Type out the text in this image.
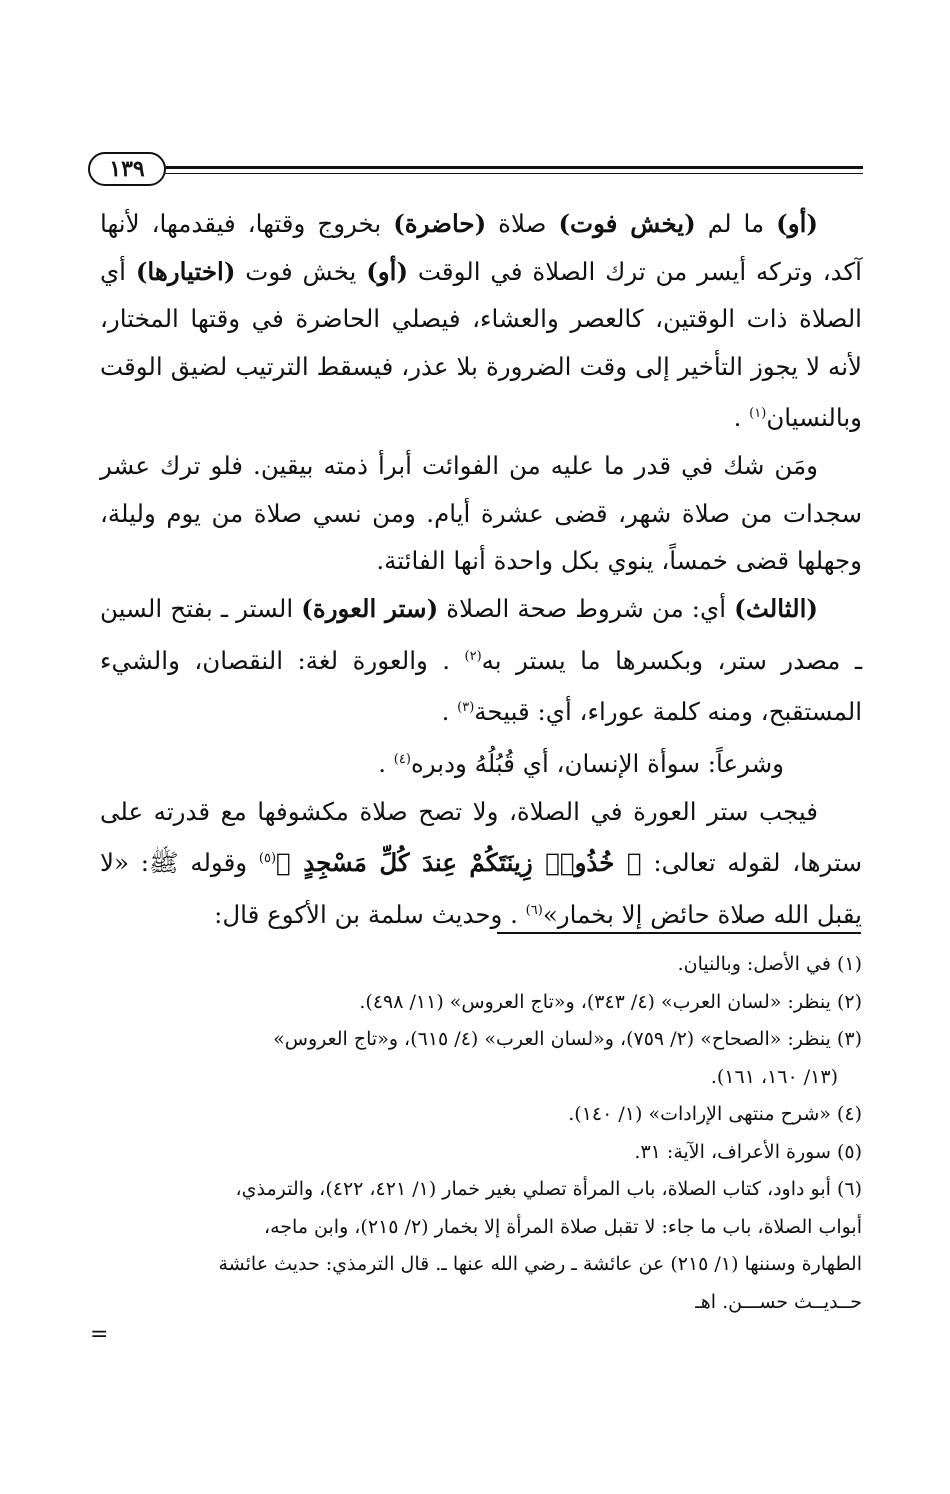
١٣٩

(أو) ما لم (يخش فوت) صلاة (حاضرة) بخروج وقتها، فيقدمها، لأنها آكد، وتركه أيسر من ترك الصلاة في الوقت (أو) يخش فوت (اختيارها) أي الصلاة ذات الوقتين، كالعصر والعشاء، فيصلي الحاضرة في وقتها المختار، لأنه لا يجوز التأخير إلى وقت الضرورة بلا عذر، فيسقط الترتيب لضيق الوقت وبالنسيان$^{(١)}$ .

ومَن شك في قدر ما عليه من الفوائت أبرأ ذمته بيقين. فلو ترك عشر سجدات من صلاة شهر، قضى عشرة أيام. ومن نسي صلاة من يوم وليلة، وجهلها قضى خمساً، ينوي بكل واحدة أنها الفائتة.

(الثالث) أي: من شروط صحة الصلاة (ستر العورة) الستر ـ بفتح السين ـ مصدر ستر، وبكسرها ما يستر به$^{(٢)}$ . والعورة لغة: النقصان، والشيء المستقبح، ومنه كلمة عوراء، أي: قبيحة$^{(٣)}$ .

وشرعاً: سوأة الإنسان، أي قُبُلُهُ ودبره$^{(٤)}$ .

فيجب ستر العورة في الصلاة، ولا تصح صلاة مكشوفها مع قدرته على سترها، لقوله تعالى: ﴿ خُذُوا۟ زِينَتَكُمْ عِندَ كُلِّ مَسْجِدٍ ﴾$^{(٥)}$ وقوله ﷺ: «لا يقبل الله صلاة حائض إلا بخمار»$^{(٦)}$ . وحديث سلمة بن الأكوع قال:

(١) في الأصل: وبالنيان.

(٢) ينظر: «لسان العرب» (٤/ ٣٤٣)، و«تاج العروس» (١١/ ٤٩٨).

(٣) ينظر: «الصحاح» (٢/ ٧٥٩)، و«لسان العرب» (٤/ ٦١٥)، و«تاج العروس»

(١٣/ ١٦٠، ١٦١).

(٤) «شرح منتهى الإرادات» (١/ ١٤٠).

(٥) سورة الأعراف، الآية: ٣١.

(٦) أبو داود، كتاب الصلاة، باب المرأة تصلي بغير خمار (١/ ٤٢١، ٤٢٢)، والترمذي،

أبواب الصلاة، باب ما جاء: لا تقبل صلاة المرأة إلا بخمار (٢/ ٢١٥)، وابن ماجه،

الطهارة وسننها (١/ ٢١٥) عن عائشة ـ رضي الله عنها ـ. قال الترمذي: حديث عائشة

حــديــث حســـن. اهـ

=
